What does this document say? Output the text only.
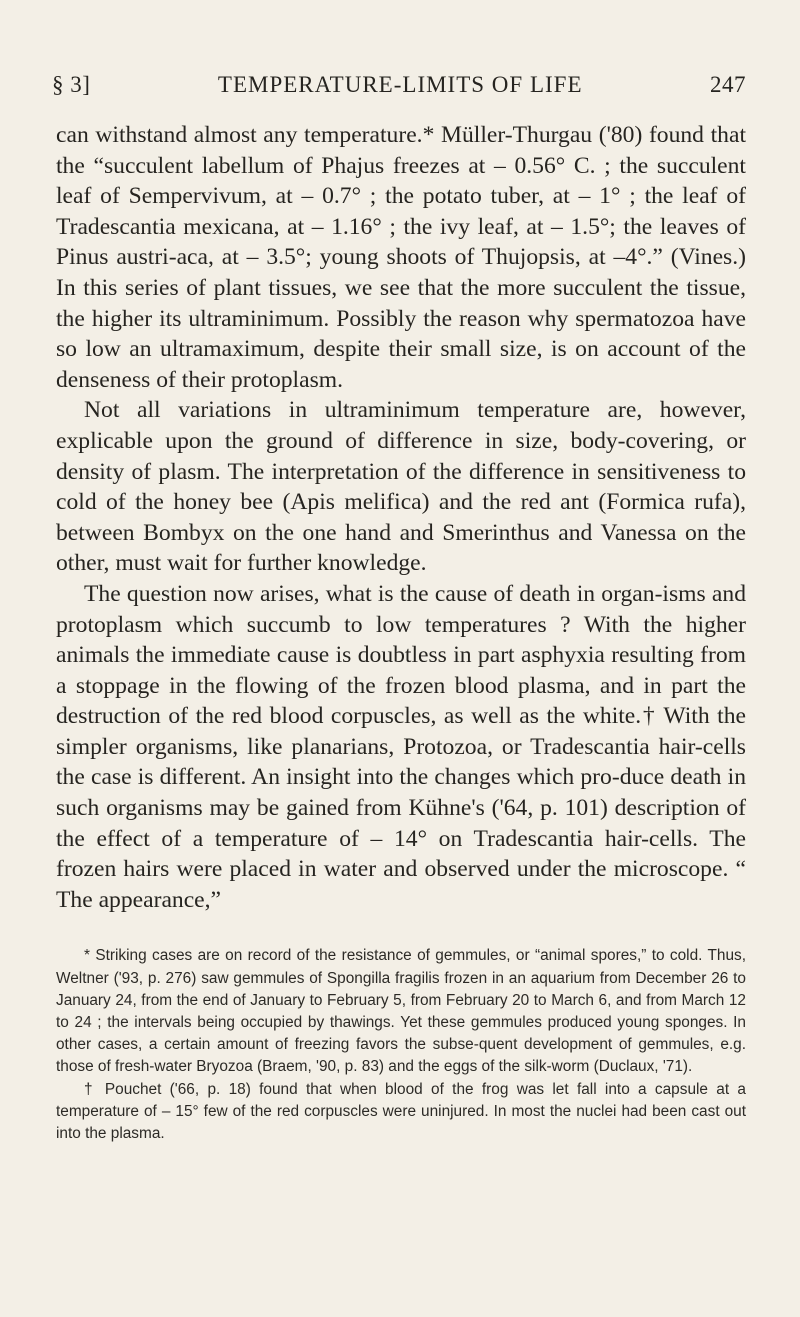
§ 3]	TEMPERATURE-LIMITS OF LIFE	247

can withstand almost any temperature.* Müller-Thurgau ('80) found that the “succulent labellum of Phajus freezes at – 0.56° C. ; the succulent leaf of Sempervivum, at – 0.7° ; the potato tuber, at – 1° ; the leaf of Tradescantia mexicana, at – 1.16° ; the ivy leaf, at – 1.5°; the leaves of Pinus austri-aca, at – 3.5°; young shoots of Thujopsis, at –4°.” (Vines.) In this series of plant tissues, we see that the more succulent the tissue, the higher its ultraminimum. Possibly the reason why spermatozoa have so low an ultramaximum, despite their small size, is on account of the denseness of their protoplasm.

Not all variations in ultraminimum temperature are, however, explicable upon the ground of difference in size, body-covering, or density of plasm. The interpretation of the difference in sensitiveness to cold of the honey bee (Apis melifica) and the red ant (Formica rufa), between Bombyx on the one hand and Smerinthus and Vanessa on the other, must wait for further knowledge.

The question now arises, what is the cause of death in organ-isms and protoplasm which succumb to low temperatures ? With the higher animals the immediate cause is doubtless in part asphyxia resulting from a stoppage in the flowing of the frozen blood plasma, and in part the destruction of the red blood corpuscles, as well as the white.† With the simpler organisms, like planarians, Protozoa, or Tradescantia hair-cells the case is different. An insight into the changes which pro-duce death in such organisms may be gained from Kühne's ('64, p. 101) description of the effect of a temperature of – 14° on Tradescantia hair-cells. The frozen hairs were placed in water and observed under the microscope. “ The appearance,”

* Striking cases are on record of the resistance of gemmules, or “animal spores,” to cold. Thus, Weltner ('93, p. 276) saw gemmules of Spongilla fragilis frozen in an aquarium from December 26 to January 24, from the end of January to February 5, from February 20 to March 6, and from March 12 to 24 ; the intervals being occupied by thawings. Yet these gemmules produced young sponges. In other cases, a certain amount of freezing favors the subse-quent development of gemmules, e.g. those of fresh-water Bryozoa (Braem, '90, p. 83) and the eggs of the silk-worm (Duclaux, '71).

† Pouchet ('66, p. 18) found that when blood of the frog was let fall into a capsule at a temperature of – 15° few of the red corpuscles were uninjured. In most the nuclei had been cast out into the plasma.
